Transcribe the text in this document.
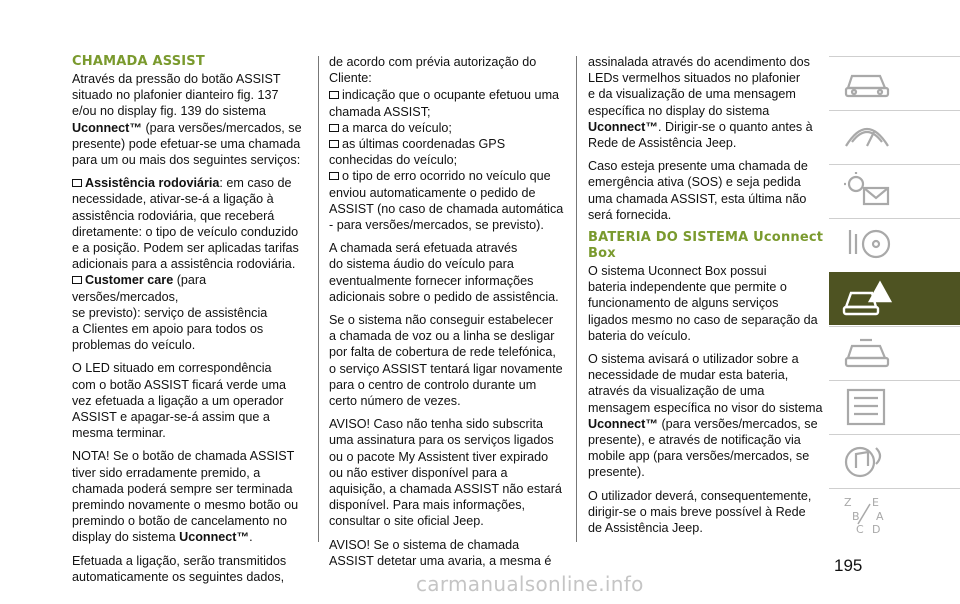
CHAMADA ASSIST

Através da pressão do botão ASSIST
situado no plafonier dianteiro fig. 137
e/ou no display fig. 139 do sistema
Uconnect™ (para versões/mercados, se
presente) pode efetuar-se uma chamada
para um ou mais dos seguintes serviços:

Assistência rodoviária: em caso de
necessidade, ativar-se-á a ligação à
assistência rodoviária, que receberá
diretamente: o tipo de veículo conduzido
e a posição. Podem ser aplicadas tarifas
adicionais para a assistência rodoviária.

Customer care (para versões/mercados,
se previsto): serviço de assistência
a Clientes em apoio para todos os
problemas do veículo.

O LED situado em correspondência
com o botão ASSIST ficará verde uma
vez efetuada a ligação a um operador
ASSIST e apagar-se-á assim que a
mesma terminar.

NOTA! Se o botão de chamada ASSIST
tiver sido erradamente premido, a
chamada poderá sempre ser terminada
premindo novamente o mesmo botão ou
premindo o botão de cancelamento no
display do sistema Uconnect™.

Efetuada a ligação, serão transmitidos
automaticamente os seguintes dados,

de acordo com prévia autorização do
Cliente:

indicação que o ocupante efetuou uma
chamada ASSIST;
a marca do veículo;
as últimas coordenadas GPS
conhecidas do veículo;
o tipo de erro ocorrido no veículo que
enviou automaticamente o pedido de
ASSIST (no caso de chamada automática
- para versões/mercados, se previsto).

A chamada será efetuada através
do sistema áudio do veículo para
eventualmente fornecer informações
adicionais sobre o pedido de assistência.

Se o sistema não conseguir estabelecer
a chamada de voz ou a linha se desligar
por falta de cobertura de rede telefónica,
o serviço ASSIST tentará ligar novamente
para o centro de controlo durante um
certo número de vezes.

AVISO! Caso não tenha sido subscrita
uma assinatura para os serviços ligados
ou o pacote My Assistent tiver expirado
ou não estiver disponível para a
aquisição, a chamada ASSIST não estará
disponível. Para mais informações,
consultar o site oficial Jeep.

AVISO! Se o sistema de chamada
ASSIST detetar uma avaria, a mesma é

assinalada através do acendimento dos
LEDs vermelhos situados no plafonier
e da visualização de uma mensagem
específica no display do sistema
Uconnect™. Dirigir-se o quanto antes à
Rede de Assistência Jeep.

Caso esteja presente uma chamada de
emergência ativa (SOS) e seja pedida
uma chamada ASSIST, esta última não
será fornecida.

BATERIA DO SISTEMA Uconnect
Box

O sistema Uconnect Box possui
bateria independente que permite o
funcionamento de alguns serviços
ligados mesmo no caso de separação da
bateria do veículo.

O sistema avisará o utilizador sobre a
necessidade de mudar esta bateria,
através da visualização de uma
mensagem específica no visor do sistema
Uconnect™ (para versões/mercados, se
presente), e através de notificação via
mobile app (para versões/mercados, se
presente).

O utilizador deverá, consequentemente,
dirigir-se o mais breve possível à Rede
de Assistência Jeep.

Z E
B A
C D
195
carmanualsonline.info
